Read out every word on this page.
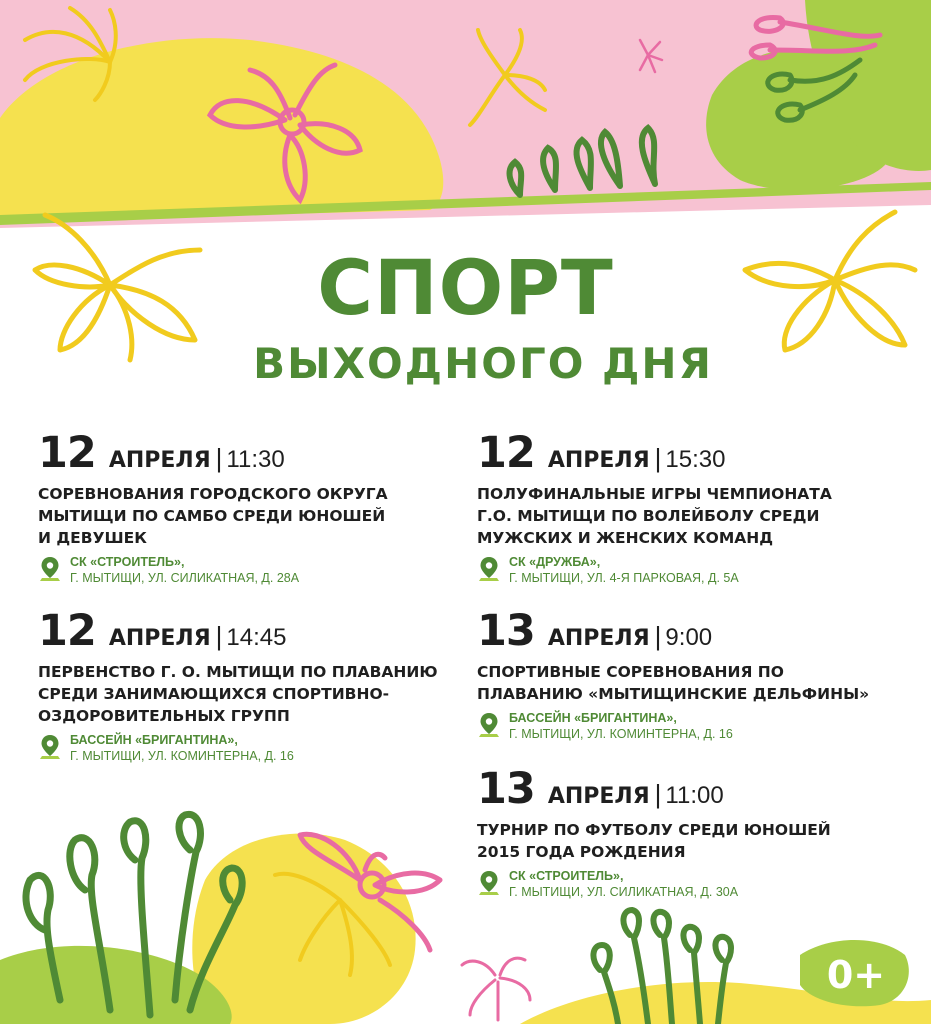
СПОРТ
ВЫХОДНОГО ДНЯ
12 АПРЕЛЯ | 11:30
СОРЕВНОВАНИЯ ГОРОДСКОГО ОКРУГА
МЫТИЩИ ПО САМБО СРЕДИ ЮНОШЕЙ
И ДЕВУШЕК
СК «СТРОИТЕЛЬ»,
Г. МЫТИЩИ, УЛ. СИЛИКАТНАЯ, Д. 28А
12 АПРЕЛЯ | 14:45
ПЕРВЕНСТВО Г. О. МЫТИЩИ ПО ПЛАВАНИЮ
СРЕДИ ЗАНИМАЮЩИХСЯ СПОРТИВНО-
ОЗДОРОВИТЕЛЬНЫХ ГРУПП
БАССЕЙН «БРИГАНТИНА»,
Г. МЫТИЩИ, УЛ. КОМИНТЕРНА, Д. 16
12 АПРЕЛЯ | 15:30
ПОЛУФИНАЛЬНЫЕ ИГРЫ ЧЕМПИОНАТА
Г.О. МЫТИЩИ ПО ВОЛЕЙБОЛУ СРЕДИ
МУЖСКИХ И ЖЕНСКИХ КОМАНД
СК «ДРУЖБА»,
Г. МЫТИЩИ, УЛ. 4-Я ПАРКОВАЯ, Д. 5А
13 АПРЕЛЯ | 9:00
СПОРТИВНЫЕ СОРЕВНОВАНИЯ ПО
ПЛАВАНИЮ «МЫТИЩИНСКИЕ ДЕЛЬФИНЫ»
БАССЕЙН «БРИГАНТИНА»,
Г. МЫТИЩИ, УЛ. КОМИНТЕРНА, Д. 16
13 АПРЕЛЯ | 11:00
ТУРНИР ПО ФУТБОЛУ СРЕДИ ЮНОШЕЙ
2015 ГОДА РОЖДЕНИЯ
СК «СТРОИТЕЛЬ»,
Г. МЫТИЩИ, УЛ. СИЛИКАТНАЯ, Д. 30А
0+
